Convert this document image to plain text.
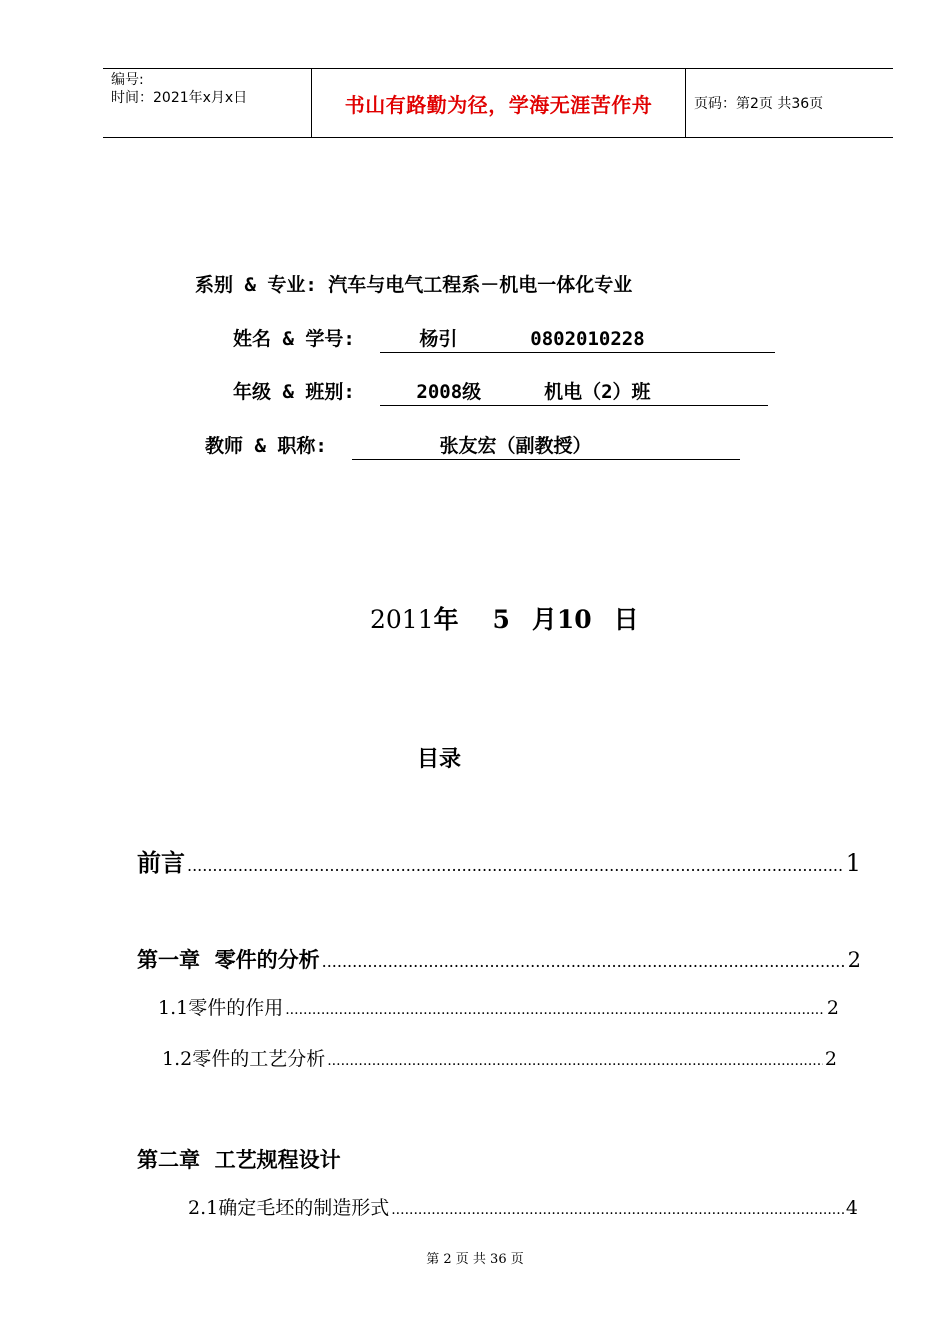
编号:
时间：2021年x月x日	书山有路勤为径，学海无涯苦作舟	页码：第2页 共36页
系别 & 专业: 汽车与电气工程系－机电一体化专业
姓名 & 学号:	杨引	0802010228
年级 & 班别:	2008级	机电（2）班
教师 & 职称:	张友宏（副教授）
2011年 5 月10 日
目录
前言 .....	1
第一章  零件的分析 .....	2
1.1零件的作用 .....	2
1.2零件的工艺分析 .....	2
第二章  工艺规程设计
2.1确定毛坯的制造形式 .....	4
第 2 页 共 36 页
